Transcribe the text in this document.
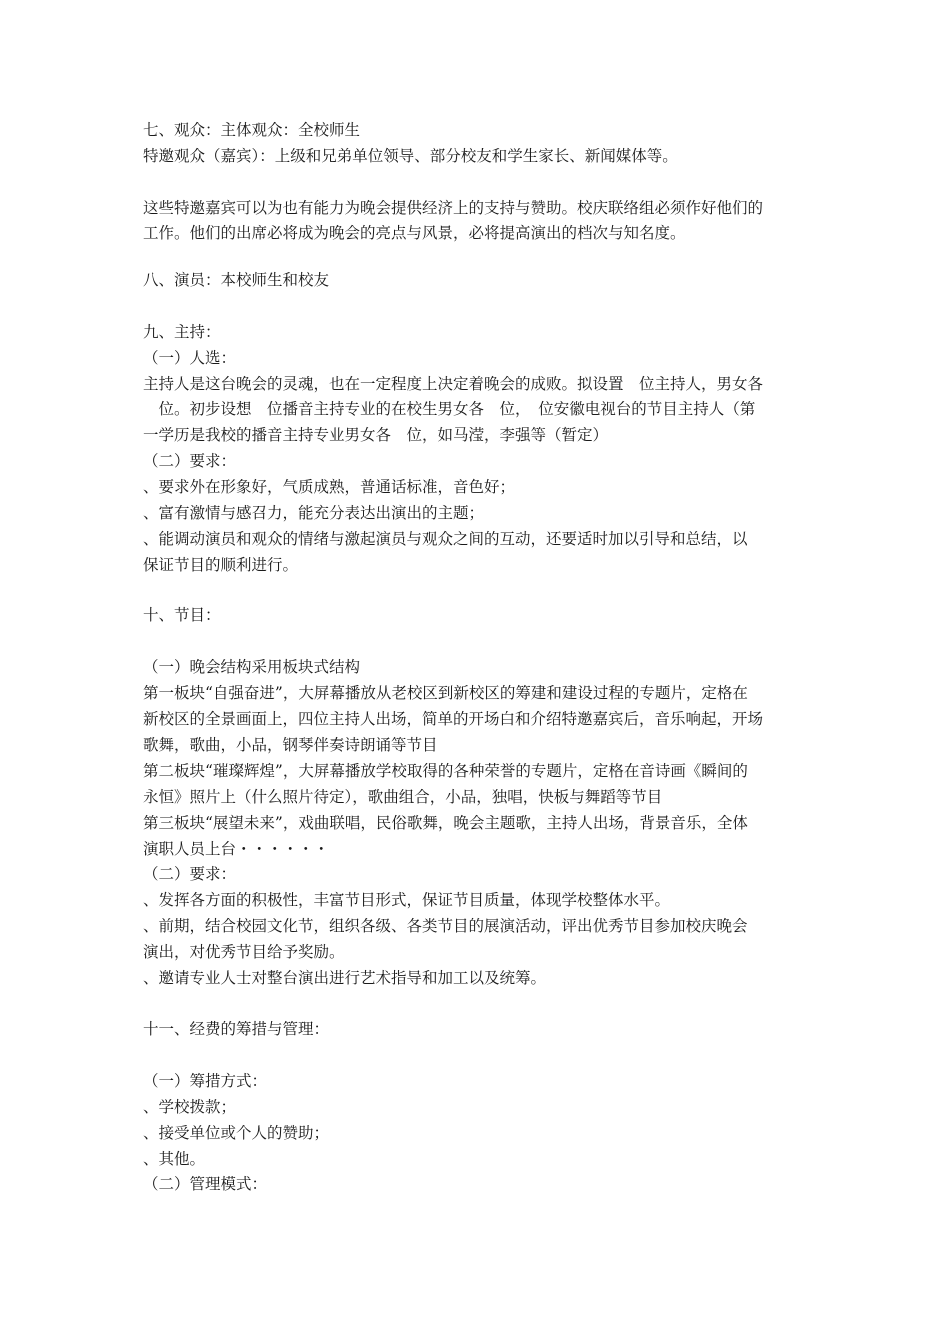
七、观众：主体观众：全校师生

特邀观众（嘉宾）：上级和兄弟单位领导、部分校友和学生家长、新闻媒体等。

这些特邀嘉宾可以为也有能力为晚会提供经济上的支持与赞助。校庆联络组必须作好他们的

工作。他们的出席必将成为晚会的亮点与风景，必将提高演出的档次与知名度。

八、演员：本校师生和校友

九、主持：

（一）人选：

主持人是这台晚会的灵魂，也在一定程度上决定着晚会的成败。拟设置　位主持人，男女各

　位。初步设想　位播音主持专业的在校生男女各　位，　位安徽电视台的节目主持人（第

一学历是我校的播音主持专业男女各　位，如马滢，李强等（暂定）

（二）要求：

、要求外在形象好，气质成熟，普通话标准，音色好；

、富有激情与感召力，能充分表达出演出的主题；

、能调动演员和观众的情绪与激起演员与观众之间的互动，还要适时加以引导和总结，以

保证节目的顺利进行。

十、节目：

（一）晚会结构采用板块式结构

第一板块“自强奋进”，大屏幕播放从老校区到新校区的筹建和建设过程的专题片，定格在

新校区的全景画面上，四位主持人出场，简单的开场白和介绍特邀嘉宾后，音乐响起，开场

歌舞，歌曲，小品，钢琴伴奏诗朗诵等节目

第二板块“璀璨辉煌”，大屏幕播放学校取得的各种荣誉的专题片，定格在音诗画《瞬间的

永恒》照片上（什么照片待定），歌曲组合，小品，独唱，快板与舞蹈等节目

第三板块“展望未来”，戏曲联唱，民俗歌舞，晚会主题歌，主持人出场，背景音乐，全体

演职人员上台・・・・・・

（二）要求：

、发挥各方面的积极性，丰富节目形式，保证节目质量，体现学校整体水平。

、前期，结合校园文化节，组织各级、各类节目的展演活动，评出优秀节目参加校庆晚会

演出，对优秀节目给予奖励。

、邀请专业人士对整台演出进行艺术指导和加工以及统筹。

十一、经费的筹措与管理：

（一）筹措方式：

、学校拨款；

、接受单位或个人的赞助；

、其他。

（二）管理模式：
